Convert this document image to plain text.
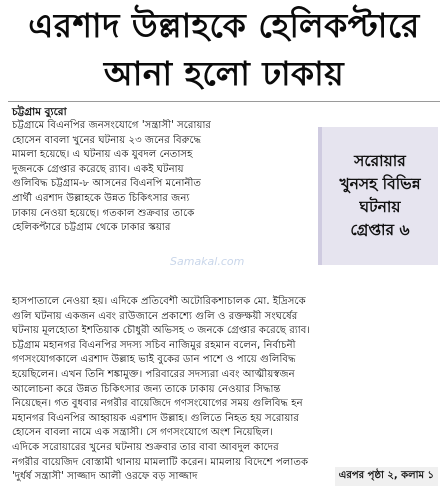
এরশাদ উল্লাহকে হেলিকপ্টারে
আনা হলো ঢাকায়
চট্টগ্রাম ব্যুরো
চট্টগ্রামে বিএনপির জনসংযোগে 'সন্ত্রাসী' সরোয়ার
হোসেন বাবলা খুনের ঘটনায় ২৩ জনের বিরুদ্ধে
মামলা হয়েছে। এ ঘটনায় এক যুবদল নেতাসহ
দুজনকে গ্রেপ্তার করেছে র‍্যাব। একই ঘটনায়
গুলিবিদ্ধ চট্টগ্রাম-৮ আসনের বিএনপি মনোনীত
প্রার্থী এরশাদ উল্লাহকে উন্নত চিকিৎসার জন্য
ঢাকায় নেওয়া হয়েছে। গতকাল শুক্রবার তাকে
হেলিকপ্টারে চট্টগ্রাম থেকে ঢাকার স্কয়ার
সরোয়ার
খুনসহ বিভিন্ন
ঘটনায়
গ্রেপ্তার ৬
Samakal.com
হাসপাতালে নেওয়া হয়। এদিকে প্রতিবেশী অটোরিকশাচালক মো. ইদ্রিসকে
গুলি ঘটনায় একজন এবং রাউজানে প্রকাশ্যে গুলি ও রক্তক্ষয়ী সংঘর্ষের
ঘটনায় মূলহোতা ইশতিয়াক চৌধুরী অভিসহ ৩ জনকে গ্রেপ্তার করেছে র‍্যাব।
চট্টগ্রাম মহানগর বিএনপির সদস্য সচিব নাজিমুর রহমান বলেন, নির্বাচনী
গণসংযোগকালে এরশাদ উল্লাহ ভাই বুকের ডান পাশে ও পায়ে গুলিবিদ্ধ
হয়েছিলেন। এখন তিনি শঙ্কামুক্ত। পরিবারের সদস্যরা এবং আত্মীয়স্বজন
আলোচনা করে উন্নত চিকিৎসার জন্য তাকে ঢাকায় নেওয়ার সিদ্ধান্ত
নিয়েছেন। গত বুধবার নগরীর বায়েজিদে গণসংযোগের সময় গুলিবিদ্ধ হন
মহানগর বিএনপির আহ্বায়ক এরশাদ উল্লাহ। গুলিতে নিহত হয় সরোয়ার
হোসেন বাবলা নামে এক সন্ত্রাসী। সে গণসংযোগে অংশ নিয়েছিল।
এদিকে সরোয়ারের খুনের ঘটনায় শুক্রবার তার বাবা আবদুল কাদের
নগরীর বায়েজিদ বোস্তামী থানায় মামলাটি করেন। মামলায় বিদেশে পলাতক
'দুর্ধর্ষ সন্ত্রাসী' সাজ্জাদ আলী ওরফে বড় সাজ্জাদ	এরপর পৃষ্ঠা ২, কলাম ১
